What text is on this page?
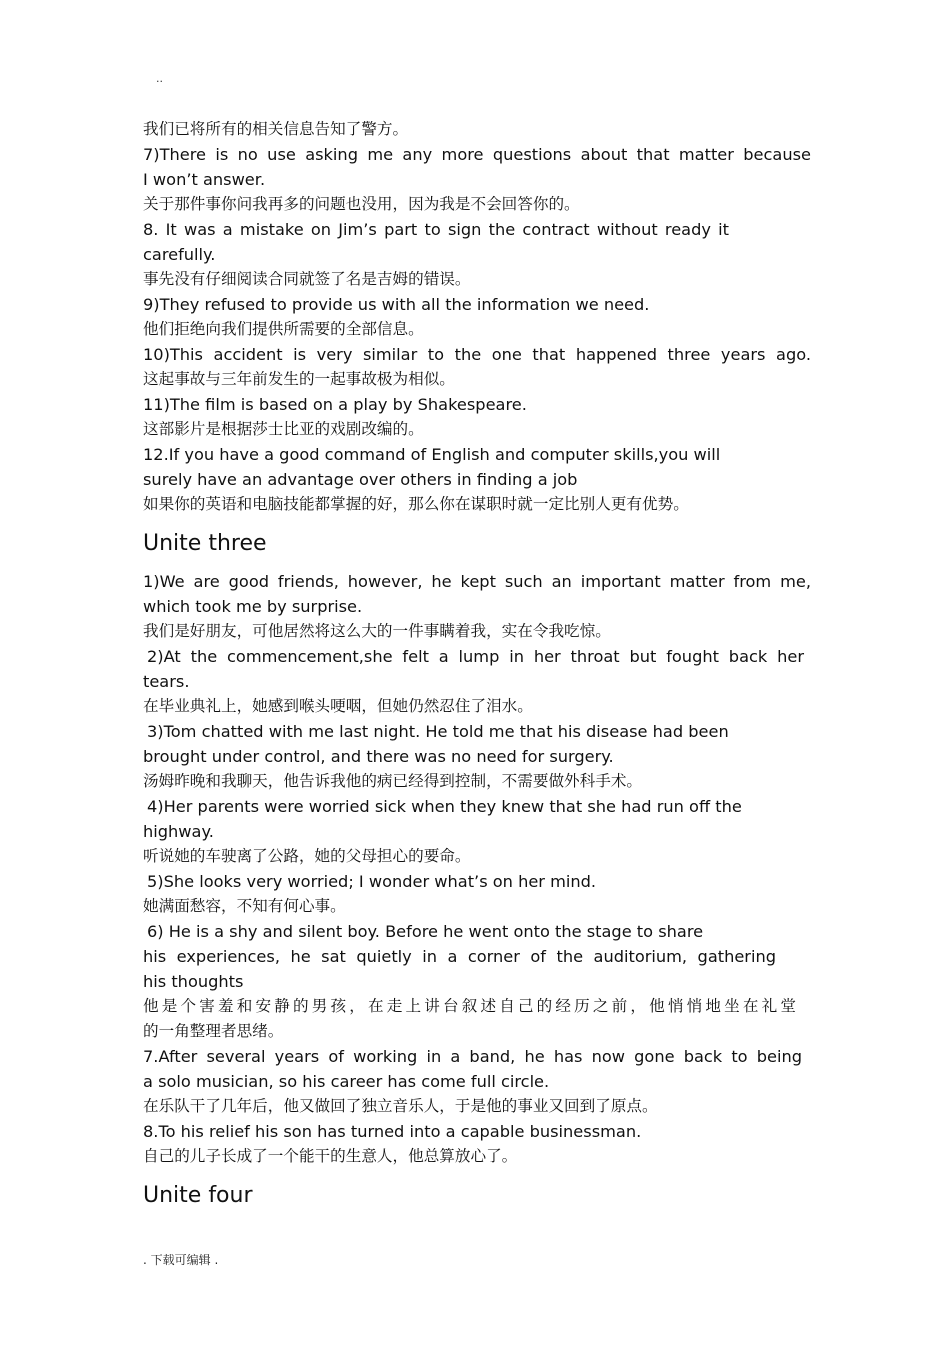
..
我们已将所有的相关信息告知了警方。
7)There is no use asking me any more questions about that matter because
I won’t answer.
关于那件事你问我再多的问题也没用，因为我是不会回答你的。
8. It was a mistake on Jim’s part to sign the contract without ready it
carefully.
事先没有仔细阅读合同就签了名是吉姆的错误。
9)They refused to provide us with all the information we need.
他们拒绝向我们提供所需要的全部信息。
10)This accident is very similar to the one that happened three years ago.
这起事故与三年前发生的一起事故极为相似。
11)The film is based on a play by Shakespeare.
这部影片是根据莎士比亚的戏剧改编的。
12.If you have a good command of English and computer skills,you will
surely have an advantage over others in finding a job
如果你的英语和电脑技能都掌握的好，那么你在谋职时就一定比别人更有优势。
Unite three
1)We are good friends, however, he kept such an important matter from me,
which took me by surprise.
我们是好朋友，可他居然将这么大的一件事瞒着我，实在令我吃惊。
2)At the commencement,she felt a lump in her throat but fought back her
tears.
在毕业典礼上，她感到喉头哽咽，但她仍然忍住了泪水。
3)Tom chatted with me last night. He told me that his disease had been
brought under control, and there was no need for surgery.
汤姆昨晚和我聊天，他告诉我他的病已经得到控制，不需要做外科手术。
4)Her parents were worried sick when they knew that she had run off the
highway.
听说她的车驶离了公路，她的父母担心的要命。
5)She looks very worried; I wonder what’s on her mind.
她满面愁容，不知有何心事。
6) He is a shy and silent boy. Before he went onto the stage to share
his experiences, he sat quietly in a corner of the auditorium, gathering
his thoughts
他是个害羞和安静的男孩，在走上讲台叙述自己的经历之前，他悄悄地坐在礼堂
的一角整理者思绪。
7.After several years of working in a band, he has now gone back to being
a solo musician, so his career has come full circle.
在乐队干了几年后，他又做回了独立音乐人，于是他的事业又回到了原点。
8.To his relief his son has turned into a capable businessman.
自己的儿子长成了一个能干的生意人，他总算放心了。
Unite four
. 下载可编辑 .
